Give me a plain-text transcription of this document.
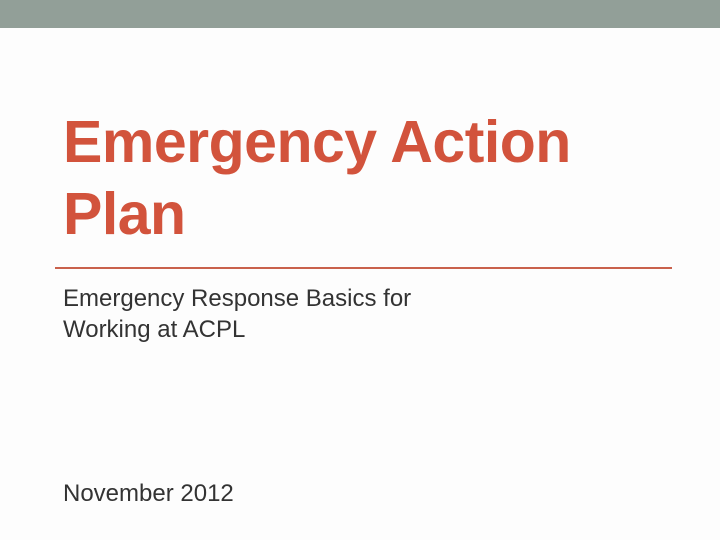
Emergency Action
Plan

Emergency Response Basics for
Working at ACPL

November 2012
